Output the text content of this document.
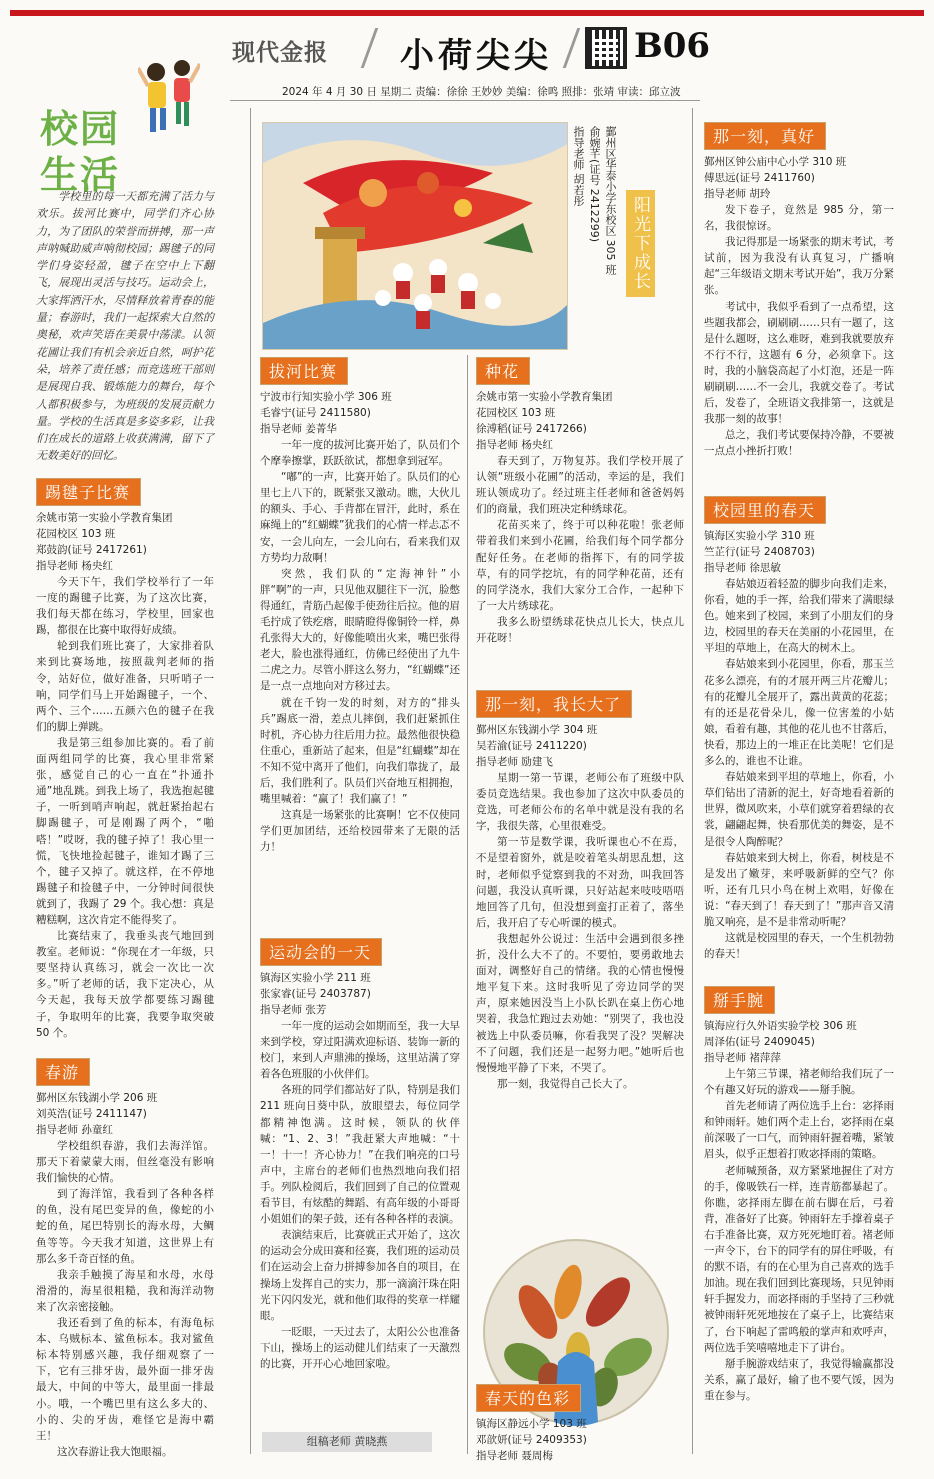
现代金报 小荷尖尖 B06
2024 年 4 月 30 日 星期二 责编：徐徐 王妙妙 美编：徐鸣 照排：张靖 审读：邱立波
校园
生活

学校里的每一天都充满了活力与欢乐。拔河比赛中，同学们齐心协力，为了团队的荣誉而拼搏，那一声声呐喊助威声响彻校园；踢毽子的同学们身姿轻盈，毽子在空中上下翻飞，展现出灵活与技巧。运动会上，大家挥洒汗水，尽情释放着青春的能量；春游时，我们一起探索大自然的奥秘，欢声笑语在美景中荡漾。认领花圃让我们有机会亲近自然，呵护花朵，培养了责任感；而竞选班干部则是展现自我、锻炼能力的舞台，每个人都积极参与，为班级的发展贡献力量。学校的生活真是多姿多彩，让我们在成长的道路上收获满满，留下了无数美好的回忆。

阳光下成长
鄞州区华泰小学东校区 305 班
俞婉芊(证号 2412299)
指导老师 胡若彤
踢毽子比赛
余姚市第一实验小学教育集团
花园校区 103 班
郑鼓韵(证号 2417261)
指导老师 杨央红

今天下午，我们学校举行了一年一度的踢毽子比赛，为了这次比赛，我们每天都在练习，学校里，回家也踢，都很在比赛中取得好成绩。

轮到我们班比赛了，大家排着队来到比赛场地，按照裁判老师的指令，站好位，做好准备，只听哨子一响，同学们马上开始踢毽子，一个、两个、三个……五颜六色的毽子在我们的脚上弹跳。

我是第三组参加比赛的。看了前面两组同学的比赛，我心里非常紧张，感觉自己的心一直在“扑通扑通”地乱跳。到我上场了，我选抱起毽子，一听到哨声响起，就赶紧抬起右脚踢毽子，可是刚踢了两个，“啪嗒！”哎呀，我的毽子掉了！我心里一慌，飞快地捡起毽子，谁知才踢了三个，毽子又掉了。就这样，在不停地踢毽子和捡毽子中，一分钟时间很快就到了，我踢了 29 个。我心想：真是糟糕啊，这次肯定不能得奖了。

比赛结束了，我垂头丧气地回到教室。老师说：“你现在才一年级，只要坚持认真练习，就会一次比一次多。”听了老师的话，我下定决心，从今天起，我每天放学都要练习踢毽子，争取明年的比赛，我要争取突破 50 个。

春游
鄞州区东钱湖小学 206 班
刘英浩(证号 2411147)
指导老师 孙童红

学校组织春游，我们去海洋馆。那天下着蒙蒙大雨，但丝毫没有影响我们愉快的心情。

到了海洋馆，我看到了各种各样的鱼，没有尾巴变异的鱼，像蛇的小蛇的鱼，尾巴特别长的海水母，大鲷鱼等等。今天我才知道，这世界上有那么多千奇百怪的鱼。

我亲手触摸了海星和水母，水母滑滑的，海星很粗糙，我和海洋动物来了次亲密接触。

我还看到了鱼的标本，有海龟标本、乌贼标本、鲨鱼标本。我对鲨鱼标本特别感兴趣，我仔细观察了一下，它有三排牙齿，最外面一排牙齿最大，中间的中等大，最里面一排最小。哦，一个嘴巴里有这么多大的、小的、尖的牙齿，难怪它是海中霸王！

这次春游让我大饱眼福。

拔河比赛
宁波市行知实验小学 306 班
毛睿宁(证号 2411580)
指导老师 姜菁华

一年一度的拔河比赛开始了，队员们个个摩拳擦掌，跃跃欲试，都想拿到冠军。

“嘟”的一声，比赛开始了。队员们的心里七上八下的，既紧张又激动。瞧，大伙儿的额头、手心、手背都在冒汗，此时，系在麻绳上的“红蝴蝶”犹我们的心情一样忐忑不安，一会儿向左，一会儿向右，看来我们双方势均力敌啊！

突然，我们队的“定海神针”小胖“啊”的一声，只见他双腿往下一沉，脸憋得通红，青筋凸起像手使劲往后拉。他的眉毛拧成了铁疙瘩，眼睛瞪得像铜铃一样，鼻孔张得大大的，好像能喷出火来，嘴巴张得老大，脸也涨得通红，仿佛已经使出了九牛二虎之力。尽管小胖这么努力，“红蝴蝶”还是一点一点地向对方移过去。

就在千钧一发的时刻，对方的“排头兵”踢底一滑，差点儿摔倒，我们赶紧抓住时机，齐心协力往后用力拉。最然他很快稳住重心，重新站了起来，但是“红蝴蝶”却在不知不觉中离开了他们，向我们靠拢了，最后，我们胜利了。队员们兴奋地互相拥抱，嘴里喊着：“赢了！我们赢了！”

这真是一场紧张的比赛啊！它不仅使同学们更加团结，还给校园带来了无限的活力！

运动会的一天
镇海区实验小学 211 班
张家睿(证号 2403787)
指导老师 张芳

一年一度的运动会如期而至，我一大早来到学校，穿过阳满欢迎标语、装饰一新的校门，来到人声鼎沸的操场，这里站满了穿着各色班服的小伙伴们。

各班的同学们都站好了队，特别是我们 211 班向日葵中队，放眼望去，每位同学都精神饱满。这时候，领队的伙伴喊：“1、2、3！”我赶紧大声地喊：“十一！十一！齐心协力！”在我们响亮的口号声中，主席台的老师们也热烈地向我们招手。列队检阅后，我们回到了自己的位置观看节目，有炫酷的舞蹈、有高年级的小哥哥小姐姐们的架子鼓，还有各种各样的表演。

表演结束后，比赛就正式开始了，这次的运动会分成田赛和径赛，我们班的运动员们在运动会上奋力拼搏参加各自的项目，在操场上发挥自己的实力，那一滴滴汗珠在阳光下闪闪发光，就和他们取得的奖章一样耀眼。

一眨眼，一天过去了，太阳公公也准备下山，操场上的运动健儿们结束了一天激烈的比赛，开开心心地回家啦。

组稿老师 黄晓燕
种花
余姚市第一实验小学教育集团
花园校区 103 班
徐溥稻(证号 2417266)
指导老师 杨央红

春天到了，万物复苏。我们学校开展了认领“班级小花圃”的活动，幸运的是，我们班认领成功了。经过班主任老师和爸爸妈妈们的商量，我们班决定种绣球花。

花苗买来了，终于可以种花啦！张老师带着我们来到小花圃，给我们每个同学都分配好任务。在老师的指挥下，有的同学拔草，有的同学挖坑，有的同学种花苗，还有的同学浇水，我们大家分工合作，一起种下了一大片绣球花。

我多么盼望绣球花快点儿长大，快点儿开花呀！

那一刻，我长大了
鄞州区东钱湖小学 304 班
吴若渝(证号 2411220)
指导老师 励建飞

星期一第一节课，老师公布了班级中队委员竞选结果。我也参加了这次中队委员的竞选，可老师公布的名单中就是没有我的名字，我很失落，心里很难受。

第一节是数学课，我听课也心不在焉，不是望着窗外，就是咬着笔头胡思乱想，这时，老师似乎觉察到我的不对劲，叫我回答问题，我没认真听课，只好站起来吱吱唔唔地回答了几句，但没想到蛮打正着了，落坐后，我开启了专心听课的模式。

我想起外公说过：生活中会遇到很多挫折，没什么大不了的。不要怕，要勇敢地去面对，调整好自己的情绪。我的心情也慢慢地平复下来。这时我听见了旁边同学的哭声，原来她因没当上小队长趴在桌上伤心地哭着，我急忙跑过去劝她：“别哭了，我也没被选上中队委员嘛，你看我哭了没？哭解决不了问题，我们还是一起努力吧。”她听后也慢慢地平静了下来，不哭了。

那一刻，我觉得自己长大了。

春天的色彩
镇海区静远小学 103 班
邓歆妍(证号 2409353)
指导老师 聂周梅
那一刻，真好
鄞州区钟公庙中心小学 310 班
傅思远(证号 2411760)
指导老师 胡玲

发下卷子，竟然是 985 分，第一名，我很惊讶。

我记得那是一场紧张的期末考试，考试前，因为我没有认真复习，广播响起“三年级语文期末考试开始”，我万分紧张。

考试中，我似乎看到了一点希望，这些题我都会，刷刷刷……只有一题了，这是什么题呀，这么难呀，难到我就要放弃不行不行，这题有 6 分，必须拿下。这时，我的小脑袋高起了小灯泡，还是一阵刷刷刷……不一会儿，我就交卷了。考试后，发卷了，全班语文我排第一，这就是我那一刻的故事！

总之，我们考试要保持冷静，不要被一点点小挫折打败！

校园里的春天
镇海区实验小学 310 班
竺芷行(证号 2408703)
指导老师 徐思敏

春姑娘迈着轻盈的脚步向我们走来，你看，她的手一挥，给我们带来了满眼绿色。她来到了校园，来到了小朋友们的身边，校园里的春天在美丽的小花园里，在平坦的草地上，在高大的树木上。

春姑娘来到小花园里，你看，那玉兰花多么漂亮，有的才展开两三片花瓣儿；有的花瓣儿全展开了，露出黄黄的花蕊；有的还是花骨朵儿，像一位害羞的小姑娘，看着有趣，其他的花儿也不甘落后，快看，那边上的一堆正在比美呢！它们是多么的，谁也不让谁。

春姑娘来到平坦的草地上，你看，小草们钻出了清新的泥土，好奇地看着新的世界，微风吹来，小草们就穿着碧绿的衣裳，翩翩起舞，快看那优美的舞姿，是不是很令人陶醉呢？

春姑娘来到大树上，你看，树枝是不是发出了嫩芽，来呼吸新鲜的空气？你听，还有几只小鸟在树上欢唱，好像在说：“春天到了！春天到了！”那声音又清脆又响亮，是不是非常动听呢？

这就是校园里的春天，一个生机勃勃的春天！

掰手腕
镇海应行久外语实验学校 306 班
周泽佑(证号 2409045)
指导老师 褚萍萍

上午第三节课，褚老师给我们玩了一个有趣又好玩的游戏——掰手腕。

首先老师请了两位选手上台：宓择雨和钟雨轩。她们两个走上台，宓择雨在桌前深吸了一口气，而钟雨轩握着嘴，紧皱眉头，似乎正想着打败宓择雨的策略。

老师喊预备，双方紧紧地握住了对方的手，像吸铁石一样，连青筋都暴起了。你瞧，宓择雨左脚在前右脚在后，弓着背，准备好了比赛。钟雨轩左手撑着桌子右手准备比赛，双方死死地盯着。褚老师一声令下，台下的同学有的屏住呼吸，有的默不语，有的在心里为自己喜欢的选手加油。现在我们回到比赛现场，只见钟雨轩手握发力，而宓择雨的手坚持了三秒就被钟雨轩死死地按在了桌子上，比赛结束了，台下响起了雷鸣般的掌声和欢呼声，两位选手笑嘻嘻地走下了讲台。

掰手腕游戏结束了，我觉得输赢都没关系，赢了最好，输了也不要气馁，因为重在参与。
